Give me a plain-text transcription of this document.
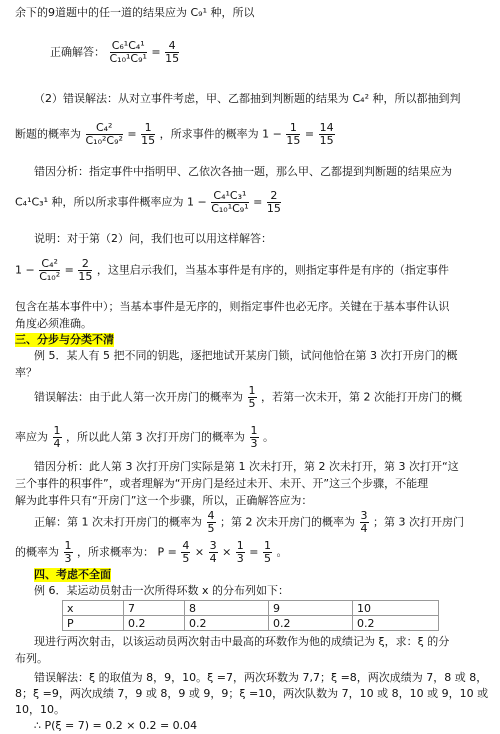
余下的9道题中的任一道的结果应为 C₉¹ 种，所以
正确解答： $\frac{\text{C₆¹C₄¹}}{\text{C₁₀¹C₉¹}} = \frac{4}{15}$
（2）错误解法：从对立事件考虑，甲、乙都抽到判断题的结果为 C₄² 种，所以都抽到判
断题的概率为 $\frac{\text{C₄²}}{\text{C₁₀²C₉²}} = \frac{1}{15}$ ，所求事件的概率为 $1 - \frac{1}{15} = \frac{14}{15}$
错因分析：指定事件中指明甲、乙依次各抽一题，那么甲、乙都提到判断题的结果应为
C₄¹C₃¹ 种，所以所求事件概率应为 $1 - \frac{\text{C₄¹C₃¹}}{\text{C₁₀¹C₉¹}} = \frac{2}{15}$
说明：对于第（2）问，我们也可以用这样解答：
$1 - \frac{\text{C₄²}}{\text{C₁₀²}} = \frac{2}{15}$ ，这里启示我们，当基本事件是有序的，则指定事件是有序的（指定事件
包含在基本事件中）；当基本事件是无序的，则指定事件也必无序。关键在于基本事件认识
角度必须准确。
三、分步与分类不清
例 5．某人有 5 把不同的钥匙，逐把地试开某房门锁，试问他恰在第 3 次打开房门的概
率？
错误解法：由于此人第一次开房门的概率为 $\frac{1}{5}$ ，若第一次未开，第 2 次能打开房门的概
率应为 $\frac{1}{4}$ ，所以此人第 3 次打开房门的概率为 $\frac{1}{3}$ 。
错因分析：此人第 3 次打开房门实际是第 1 次未打开，第 2 次未打开，第 3 次打开“这
三个事件的积事件”，或者理解为“开房门是经过未开、未开、开”这三个步骤，不能理
解为此事件只有“开房门”这一个步骤，所以，正确解答应为：
正解：第 1 次未打开房门的概率为 $\frac{4}{5}$ ；第 2 次未开房门的概率为 $\frac{3}{4}$ ；第 3 次打开房门
的概率为 $\frac{1}{3}$ ，所求概率为： $P = \frac{4}{5} \times \frac{3}{4} \times \frac{1}{3} = \frac{1}{5}$ 。
四、考虑不全面
例 6．某运动员射击一次所得环数 x 的分布列如下：
x	7	8	9	10
P	0.2	0.2	0.2	0.2
现进行两次射击，以该运动员两次射击中最高的环数作为他的成绩记为 ξ，求：ξ 的分
布列。
错误解法：ξ 的取值为 8，9，10。ξ =7，两次环数为 7,7；ξ =8，两次成绩为 7，8 或 8，
8；ξ =9，两次成绩 7，9 或 8，9 或 9，9；ξ =10，两次队数为 7，10 或 8，10 或 9，10 或
10，10。
∴ P(ξ = 7) = 0.2 × 0.2 = 0.04
